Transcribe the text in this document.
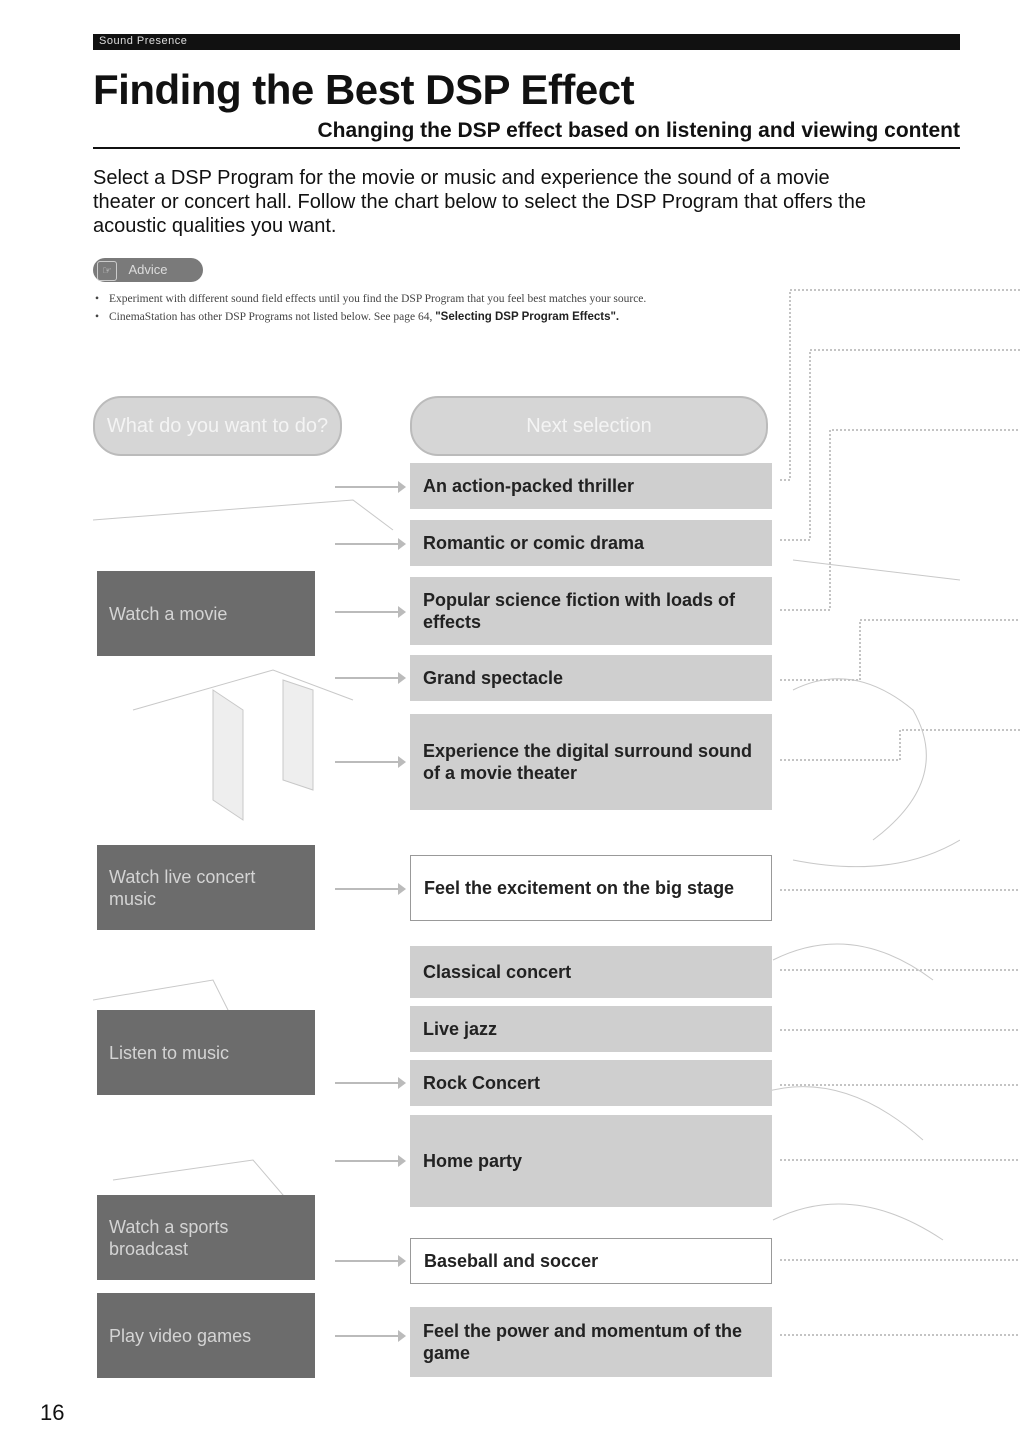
Sound Presence
Finding the Best DSP Effect
Changing the DSP effect based on listening and viewing content
Select a DSP Program for the movie or music and experience the sound of a movie theater or concert hall. Follow the chart below to select the DSP Program that offers the acoustic qualities you want.
☞	Advice
• Experiment with different sound field effects until you find the DSP Program that you feel best matches your source.
• CinemaStation has other DSP Programs not listed below. See page 64, "Selecting DSP Program Effects".
What do you want to do?	Next selection
Watch a movie
Watch live concert music
Listen to music
Watch a sports broadcast
Play video games
An action-packed thriller
Romantic or comic drama
Popular science fiction with loads of effects
Grand spectacle
Experience the digital surround sound of a movie theater
Feel the excitement on the big stage
Classical concert
Live jazz
Rock Concert
Home party
Baseball and soccer
Feel the power and momentum of the game
16
